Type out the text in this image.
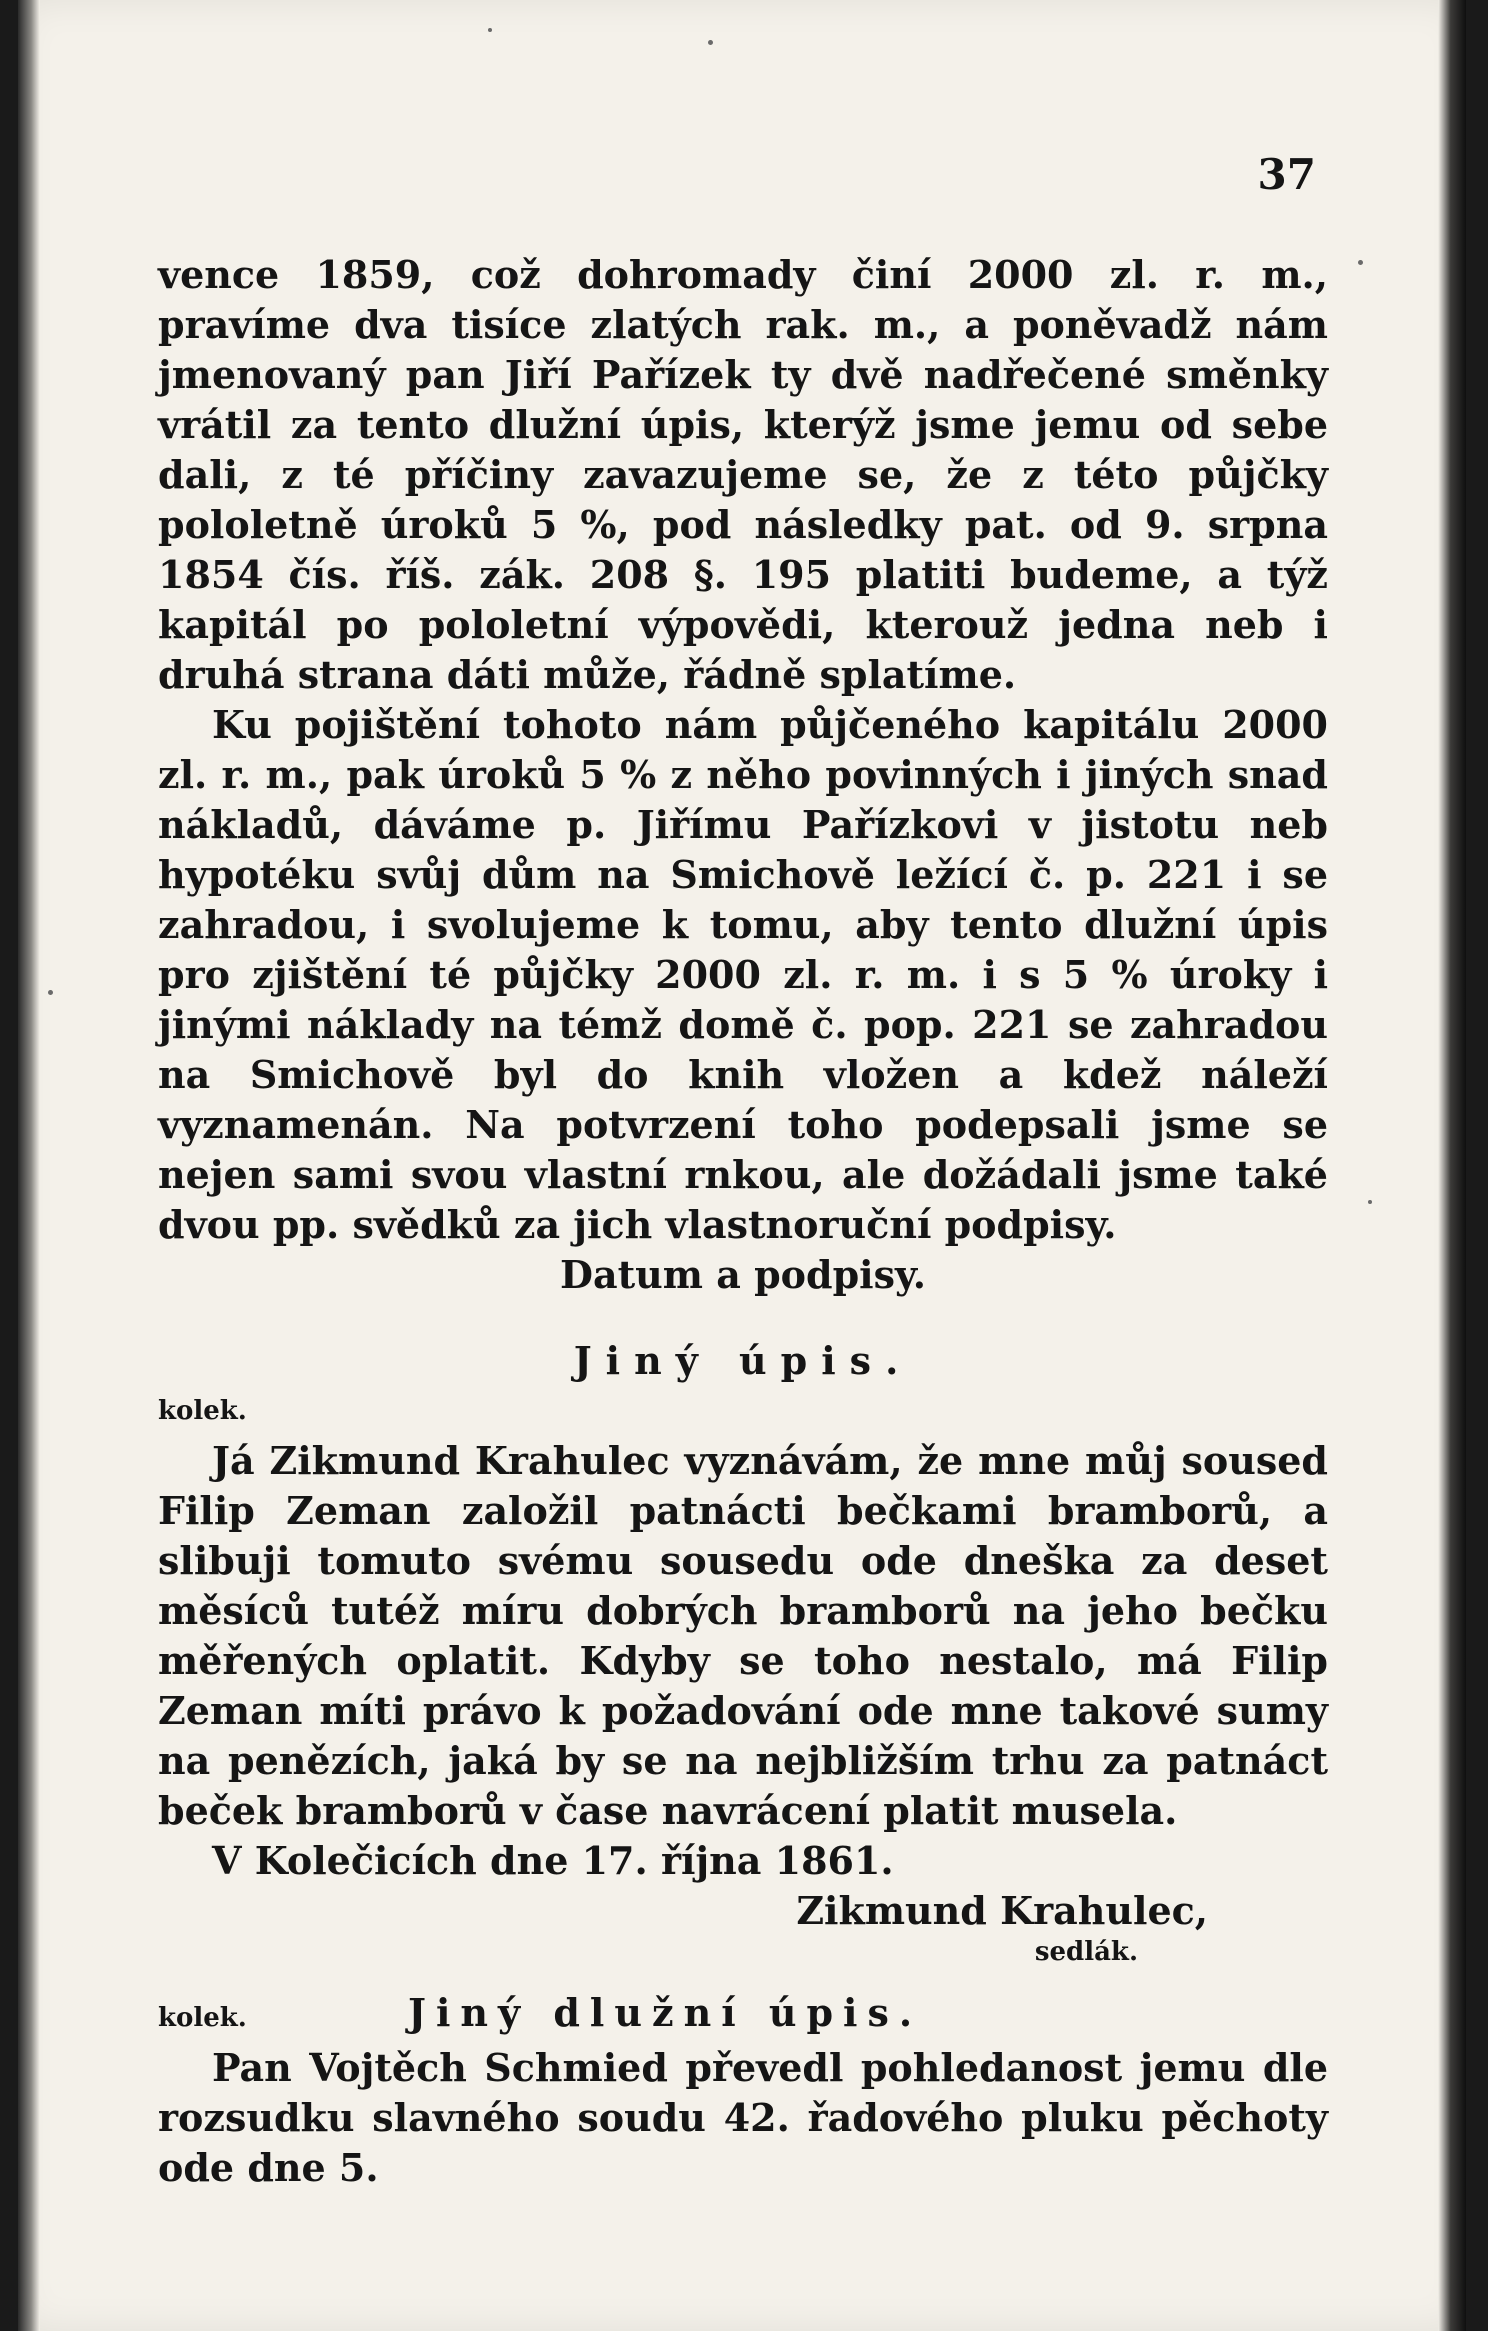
37

vence 1859, což dohromady činí 2000 zl. r. m., pravíme dva tisíce zlatých rak. m., a poněvadž nám jmenovaný pan Jiří Pařízek ty dvě nadřečené směnky vrátil za tento dlužní úpis, kterýž jsme jemu od sebe dali, z té příčiny zavazujeme se, že z této půjčky pololetně úroků 5 %, pod následky pat. od 9. srpna 1854 čís. říš. zák. 208 §. 195 platiti budeme, a týž kapitál po pololetní výpovědi, kterouž jedna neb i druhá strana dáti může, řádně splatíme.

Ku pojištění tohoto nám půjčeného kapitálu 2000 zl. r. m., pak úroků 5 % z něho povinných i jiných snad nákladů, dáváme p. Jiřímu Pařízkovi v jistotu neb hypotéku svůj dům na Smichově ležící č. p. 221 i se zahradou, i svolujeme k tomu, aby tento dlužní úpis pro zjištění té půjčky 2000 zl. r. m. i s 5 % úroky i jinými náklady na témž domě č. pop. 221 se zahradou na Smichově byl do knih vložen a kdež náleží vyznamenán. Na potvrzení toho podepsali jsme se nejen sami svou vlastní rnkou, ale dožádali jsme také dvou pp. svědků za jich vlastnoruční podpisy.

Datum a podpisy.

Jiný úpis.

kolek.

Já Zikmund Krahulec vyznávám, že mne můj soused Filip Zeman založil patnácti bečkami bramborů, a slibuji tomuto svému sousedu ode dneška za deset měsíců tutéž míru dobrých bramborů na jeho bečku měřených oplatit. Kdyby se toho nestalo, má Filip Zeman míti právo k požadování ode mne takové sumy na penězích, jaká by se na nejbližším trhu za patnáct beček bramborů v čase navrácení platit musela.

V Kolečicích dne 17. října 1861.

Zikmund Krahulec,

sedlák.

kolek.	Jiný dlužní úpis.

Pan Vojtěch Schmied převedl pohledanost jemu dle rozsudku slavného soudu 42. řadového pluku pěchoty ode dne 5.
